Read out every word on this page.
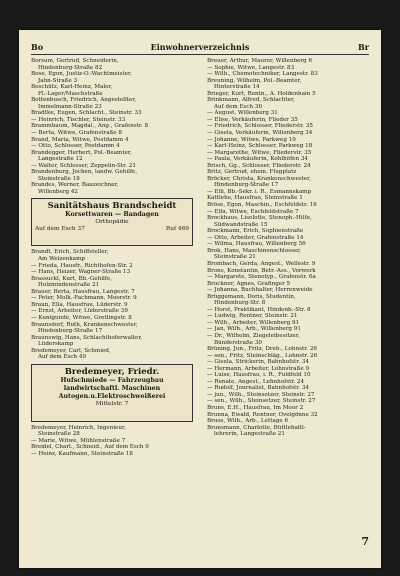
Bo	Einwohnerverzeichnis	Br
Borsum, Gertrud, Schneiderin,
Hindenburg-Straße 82
Bose, Egon, Justiz-O.-Wachtmeister,
Jahn-Straße 3
Boschütz, Karl-Heinz, Maler,
Fl.-Lager/Maschstraße
Bottenbusch, Friedrich, Angestellter,
Immelmann-Straße 23
Bradtke, Eugen, Schlacht., Steinstr. 33
— Heinrich, Tischler, Steinstr. 33
Brammbaum, Magdal., Ang., Grafenstr. 8
— Berta, Witwe, Grafenstraße 8
Brand, Maria, Witwe, Postdamm 4
— Otto, Schlosser, Postdamm 4
Brandegger, Herbert, Pol.-Beamter,
Langestraße 12
— Walter, Schlosser, Zeppelin-Str. 21
Brandenburg, Jochen, landw. Gehilfe,
Steinstraße 18
Brandes, Werner, Bauzeichner,
Willenberg 42
Sanitätshaus Brandscheidt
Korsettwaren — Bandagen
Orthopädie
Auf dem Esch 37	Ruf 469
Brandt, Erich, Schiffsteller,
Am Weizenkamp
— Frieda, Hausfr., Richthofen-Str. 2
— Hans, Heizer, Wagner-Straße 13
Brassuckl, Kurt, Bb.-Gehilfe,
Holzmindenstraße 21
Brauer, Berta, Hausfrau, Langestr. 7
— Peter, Molk.-Fachmann, Moorstr. 9
Braun, Ella, Hausfrau, Lüderstr. 9
— Ernst, Arbeiter, Lüderstraße 39
— Kunigunde, Witwe, Gretlingstr. 8
Braunsdorf, Ruth, Krankenschwester,
Hindenburg-Straße 17
Braunswig, Hans, Schlachthoferwalter,
Lüderskamp
Bredemeyer, Carl, Schmied,
Auf dem Esch 49
Bredemeyer, Friedr.
Hufschmiede — Fahrzeugbau
landwirtschaftl. Maschinen
Autogen.u.Elektroschweißerei
Mittelstr. 7
Bredemeyer, Heinrich, Ingenieur,
Steinstraße 28
— Marie, Witwe, Mühlenstraße 7
Breidel, Charl., Schneid., Auf dem Esch 9
— Heinz, Kaufmann, Steinstraße 18
Breuer, Arthur, Maurer, Willenberg 6
— Sophie, Witwe, Langestr. 83
— Wilh., Chemotechniker, Langestr. 83
Breuning, Wilhelm, Pol.-Beamter,
Hinterstraße 14
Brieger, Kurt, Rentn., A. Holdenhain 5
Brinkmann, Alfred, Schlachter,
Auf dem Esch 30
— August, Willenberg 31
— Elise, Verkäuferin, Flieder 35
— Friedrich, Schlosser, Fliederstr. 35
— Gisela, Verkäuferin, Willenberg 34
— Johanne, Witwe, Parkweg 19
— Karl-Heinz, Schlosser, Parkweg 18
— Margarethe, Witwe, Fliederstr. 35
— Paula, Verkäuferin, Kohlhöfen 34
Brisch, Gg., Schlosser, Fliederstr. 24
Britz, Gertrud, ehem. Flugplatz
Bröcker, Christa, Krankenschwester,
Hindenburg-Straße 17
— Elli, Bb.-Sekr. i. R., Esmannskamp
Kattlehe, Hausfrau, Steinstraße 1
Bröse, Egon, Maschin., Eschfeldstr. 16
— Elfa, Witwe, Eschfeldstraße 7
Brockhaus, Liselotte, Stenoph.-Hilfe,
Südwandstraße 15
Brockmann, Erich, Sophienstraße
— Otto, Arbeiter, Grafenstraße 14
— Wilma, Hausfrau, Willenberg 56
Brok, Hans, Maschinenschlosser,
Steinstraße 21
Brombach, Gerda, Angest., Wellestr. 9
Brons, Konstantin, Betr.-Ass., Vorwerk
— Margarete, Stenotyp., Grafenstr. 6a
Bruckner, Agnes, Grafinger 5
— Johanna, Buchhalter, Herrenweide
Brüggemann, Doris, Studentin,
Hindenburg-Str. 8
— Horst, Praktikant, Hindenb.-Str. 8
— Ludwig, Rentner, Steinstr. 21
— Wilh., Arbeiter, Willenberg 91
— Jan, Wilh., Arb., Willenberg 91
— Dr., Wilhelm, Ziegeleibesitzer,
Bünderstraße 30
Brüning, Jun., Fritz, Dreh., Lohnstr. 26
— sen., Fritz, Steinschläg., Lohnstr. 26
— Gisela, Strickerin, Bahnhofstr. 34
— Hermann, Arbeiter, Lohnstraße 9
— Luise, Hausfrau, i. R., Fuldfeld 10
— Renate, Angest., Lehnhofstr. 24
— Rudolf, Journalist, Bahnhofstr. 34
— jun., Wilh., Steinsetzer, Steinstr. 27
— sen., Wilh., Steinsetzer, Steinstr. 27
Bruns, E.H., Hausfrau, Im Moor 2
Brunna, Ewald, Rentner, Ovelgönne 32
Bruse, Wilh., Arb., Lettage 6
Brunsmann, Charlotte, Büttlehaltl-
lehrerin, Langestraße 21
7
